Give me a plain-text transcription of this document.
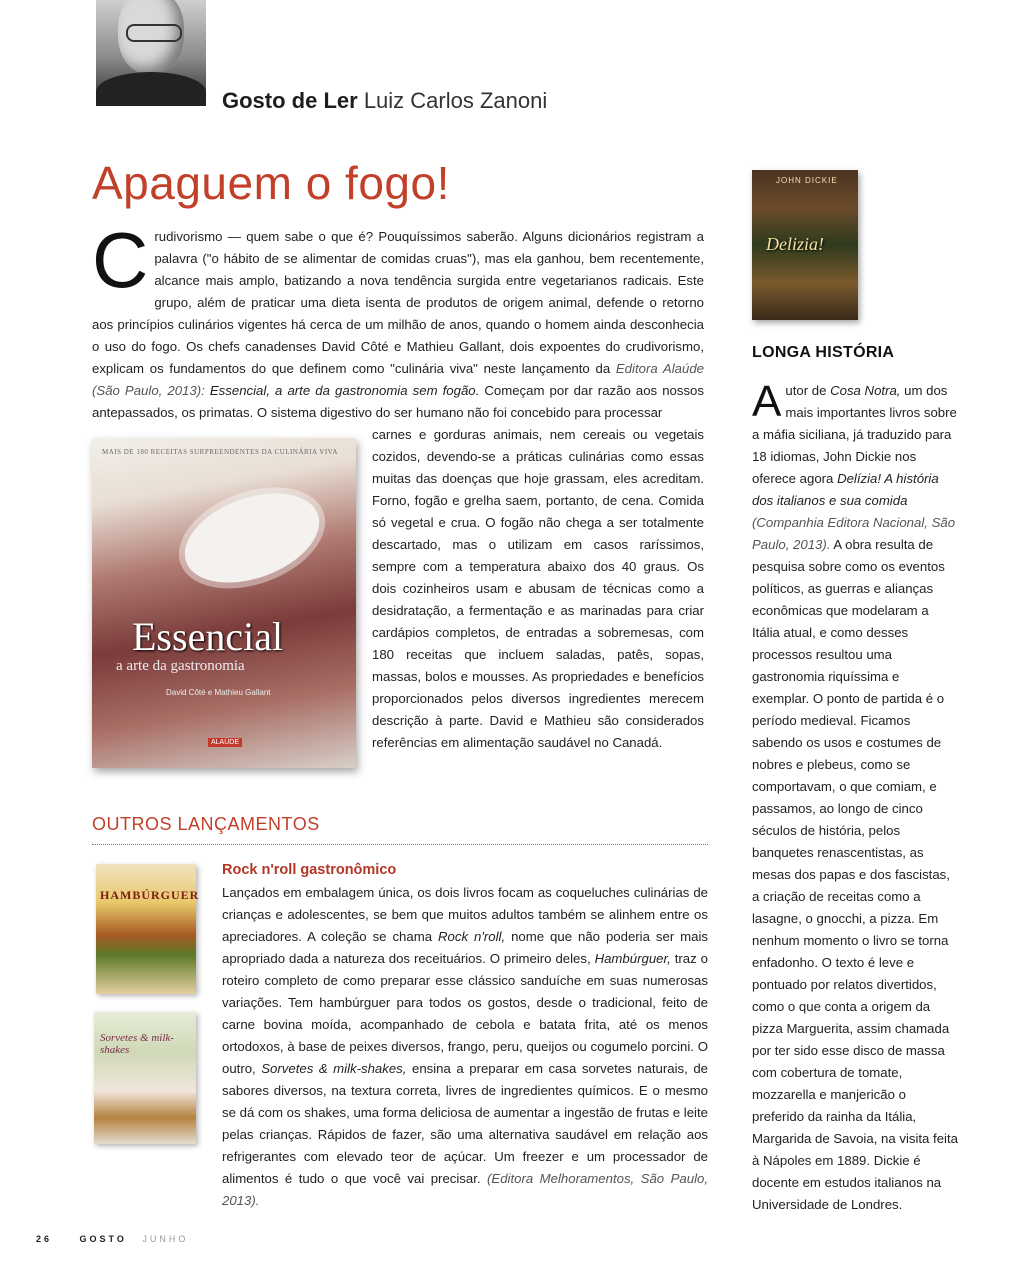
Gosto de Ler Luiz Carlos Zanoni
Apaguem o fogo!
C rudivorismo — quem sabe o que é? Pouquíssimos saberão. Alguns dicionários registram a palavra ("o hábito de se alimentar de comidas cruas"), mas ela ganhou, bem recentemente, alcance mais amplo, batizando a nova tendência surgida entre vegetarianos radicais. Este grupo, além de praticar uma dieta isenta de produtos de origem animal, defende o retorno aos princípios culinários vigentes há cerca de um milhão de anos, quando o homem ainda desconhecia o uso do fogo. Os chefs canadenses David Côté e Mathieu Gallant, dois expoentes do crudivorismo, explicam os fundamentos do que definem como "culinária viva" neste lançamento da Editora Alaúde (São Paulo, 2013): Essencial, a arte da gastronomia sem fogão. Começam por dar razão aos nossos antepassados, os primatas. O sistema digestivo do ser humano não foi concebido para processar
MAIS DE 180 RECEITAS SURPREENDENTES DA CULINÁRIA VIVA
Essencial
a arte da gastronomia
David Côté e Mathieu Gallant
ALAÚDE
carnes e gorduras animais, nem cereais ou vegetais cozidos, devendo-se a práticas culinárias como essas muitas das doenças que hoje grassam, eles acreditam. Forno, fogão e grelha saem, portanto, de cena. Comida só vegetal e crua. O fogão não chega a ser totalmente descartado, mas o utilizam em casos raríssimos, sempre com a temperatura abaixo dos 40 graus. Os dois cozinheiros usam e abusam de técnicas como a desidratação, a fermentação e as marinadas para criar cardápios completos, de entradas a sobremesas, com 180 receitas que incluem saladas, patês, sopas, massas, bolos e mousses. As propriedades e benefícios proporcionados pelos diversos ingredientes merecem descrição à parte. David e Mathieu são considerados referências em alimentação saudável no Canadá.
OUTROS LANÇAMENTOS
HAMBÚRGUER
Sorvetes & milk-shakes
Rock n'roll gastronômico
Lançados em embalagem única, os dois livros focam as coqueluches culinárias de crianças e adolescentes, se bem que muitos adultos também se alinhem entre os apreciadores. A coleção se chama Rock n'roll, nome que não poderia ser mais apropriado dada a natureza dos receituários. O primeiro deles, Hambúrguer, traz o roteiro completo de como preparar esse clássico sanduíche em suas numerosas variações. Tem hambúrguer para todos os gostos, desde o tradicional, feito de carne bovina moída, acompanhado de cebola e batata frita, até os menos ortodoxos, à base de peixes diversos, frango, peru, queijos ou cogumelo porcini. O outro, Sorvetes & milk-shakes, ensina a preparar em casa sorvetes naturais, de sabores diversos, na textura correta, livres de ingredientes químicos. E o mesmo se dá com os shakes, uma forma deliciosa de aumentar a ingestão de frutas e leite pelas crianças. Rápidos de fazer, são uma alternativa saudável em relação aos refrigerantes com elevado teor de açúcar. Um freezer e um processador de alimentos é tudo o que você vai precisar. (Editora Melhoramentos, São Paulo, 2013).
JOHN DICKIE
Delizia!
LONGA HISTÓRIA
A utor de Cosa Notra, um dos mais importantes livros sobre a máfia siciliana, já traduzido para 18 idiomas, John Dickie nos oferece agora Delízia! A história dos italianos e sua comida (Companhia Editora Nacional, São Paulo, 2013). A obra resulta de pesquisa sobre como os eventos políticos, as guerras e alianças econômicas que modelaram a Itália atual, e como desses processos resultou uma gastronomia riquíssima e exemplar. O ponto de partida é o período medieval. Ficamos sabendo os usos e costumes de nobres e plebeus, como se comportavam, o que comiam, e passamos, ao longo de cinco séculos de história, pelos banquetes renascentistas, as mesas dos papas e dos fascistas, a criação de receitas como a lasagne, o gnocchi, a pizza. Em nenhum momento o livro se torna enfadonho. O texto é leve e pontuado por relatos divertidos, como o que conta a origem da pizza Marguerita, assim chamada por ter sido esse disco de massa com cobertura de tomate, mozzarella e manjericão o preferido da rainha da Itália, Margarida de Savoia, na visita feita à Nápoles em 1889. Dickie é docente em estudos italianos na Universidade de Londres.
26	GOSTO JUNHO
